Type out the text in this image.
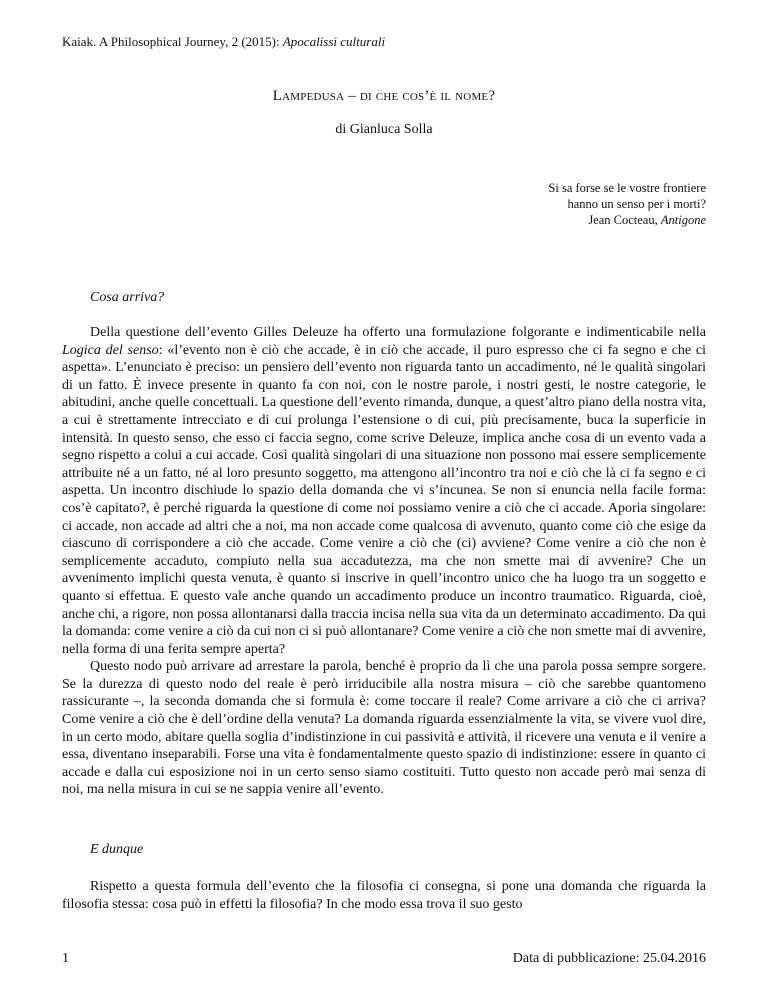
Kaiak. A Philosophical Journey, 2 (2015): Apocalissi culturali
Lampedusa – di che cos’è il nome?
di Gianluca Solla
Si sa forse se le vostre frontiere
hanno un senso per i morti?
Jean Cocteau, Antigone
Cosa arriva?

Della questione dell’evento Gilles Deleuze ha offerto una formulazione folgorante e indimenticabile nella Logica del senso: «l’evento non è ciò che accade, è in ciò che accade, il puro espresso che ci fa segno e che ci aspetta». L’enunciato è preciso: un pensiero dell’evento non riguarda tanto un accadimento, né le qualità singolari di un fatto. È invece presente in quanto fa con noi, con le nostre parole, i nostri gesti, le nostre categorie, le abitudini, anche quelle concettuali. La questione dell’evento rimanda, dunque, a quest’altro piano della nostra vita, a cui è strettamente intrecciato e di cui prolunga l’estensione o di cui, più precisamente, buca la superficie in intensità. In questo senso, che esso ci faccia segno, come scrive Deleuze, implica anche cosa di un evento vada a segno rispetto a colui a cui accade. Così qualità singolari di una situazione non possono mai essere semplicemente attribuite né a un fatto, né al loro presunto soggetto, ma attengono all’incontro tra noi e ciò che là ci fa segno e ci aspetta. Un incontro dischiude lo spazio della domanda che vi s’incunea. Se non si enuncia nella facile forma: cos’è capitato?, è perché riguarda la questione di come noi possiamo venire a ciò che ci accade. Aporia singolare: ci accade, non accade ad altri che a noi, ma non accade come qualcosa di avvenuto, quanto come ciò che esige da ciascuno di corrispondere a ciò che accade. Come venire a ciò che (ci) avviene? Come venire a ciò che non è semplicemente accaduto, compiuto nella sua accadutezza, ma che non smette mai di avvenire? Che un avvenimento implichi questa venuta, è quanto si inscrive in quell’incontro unico che ha luogo tra un soggetto e quanto si effettua. E questo vale anche quando un accadimento produce un incontro traumatico. Riguarda, cioè, anche chi, a rigore, non possa allontanarsi dalla traccia incisa nella sua vita da un determinato accadimento. Da qui la domanda: come venire a ciò da cui non ci si può allontanare? Come venire a ciò che non smette mai di avvenire, nella forma di una ferita sempre aperta?

Questo nodo può arrivare ad arrestare la parola, benché è proprio da lì che una parola possa sempre sorgere. Se la durezza di questo nodo del reale è però irriducibile alla nostra misura – ciò che sarebbe quantomeno rassicurante –, la seconda domanda che si formula è: come toccare il reale? Come arrivare a ciò che ci arriva? Come venire a ciò che è dell’ordine della venuta? La domanda riguarda essenzialmente la vita, se vivere vuol dire, in un certo modo, abitare quella soglia d’indistinzione in cui passività e attività, il ricevere una venuta e il venire a essa, diventano inseparabili. Forse una vita è fondamentalmente questo spazio di indistinzione: essere in quanto ci accade e dalla cui esposizione noi in un certo senso siamo costituiti. Tutto questo non accade però mai senza di noi, ma nella misura in cui se ne sappia venire all’evento.

E dunque

Rispetto a questa formula dell’evento che la filosofia ci consegna, si pone una domanda che riguarda la filosofia stessa: cosa può in effetti la filosofia? In che modo essa trova il suo gesto

1	Data di pubblicazione: 25.04.2016
